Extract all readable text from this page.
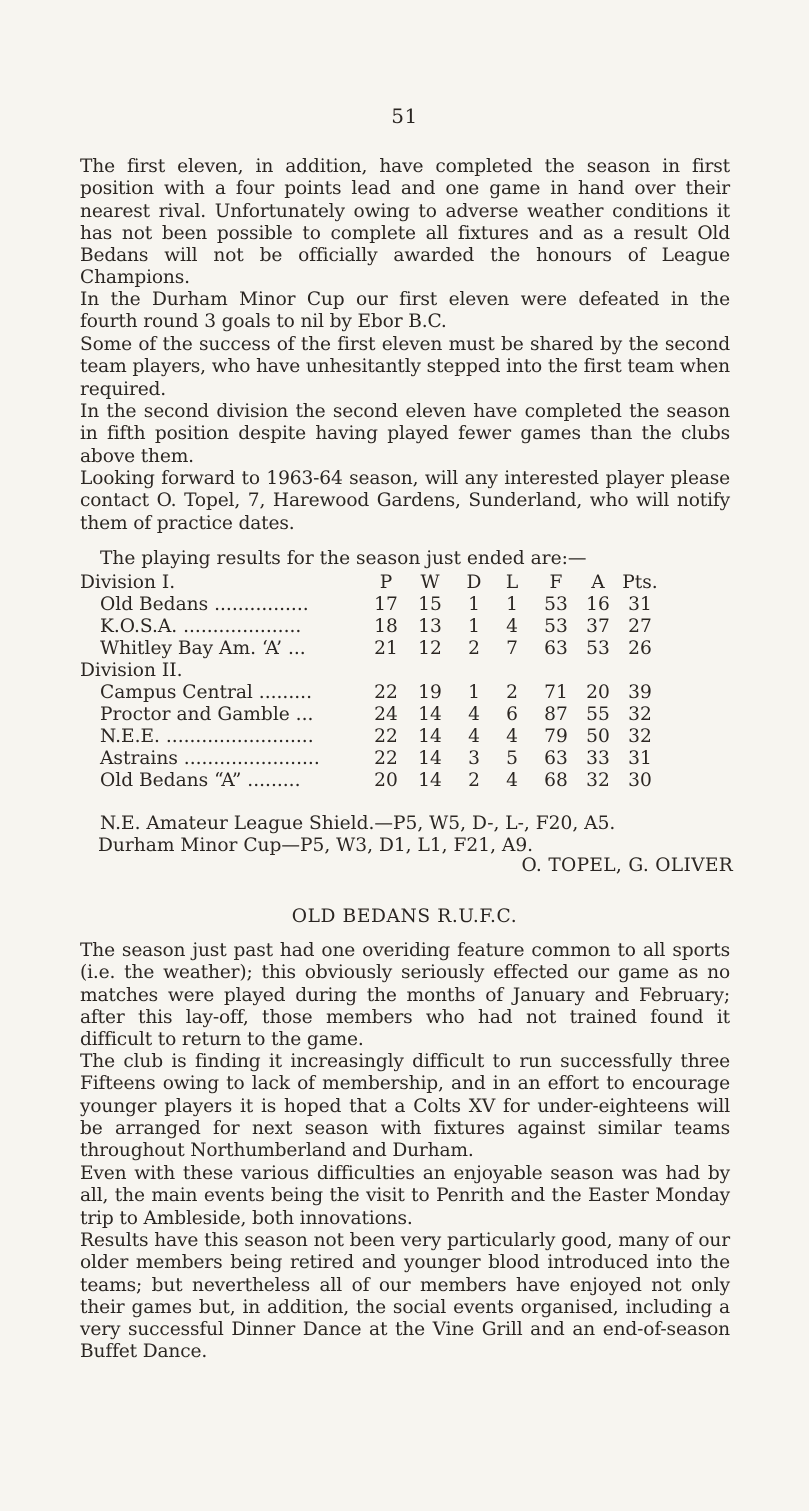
51

The first eleven, in addition, have completed the season in first position with a four points lead and one game in hand over their nearest rival. Unfortunately owing to adverse weather conditions it has not been possible to complete all fixtures and as a result Old Bedans will not be officially awarded the honours of League Champions.

In the Durham Minor Cup our first eleven were defeated in the fourth round 3 goals to nil by Ebor B.C.

Some of the success of the first eleven must be shared by the second team players, who have unhesitantly stepped into the first team when required.

In the second division the second eleven have completed the season in fifth position despite having played fewer games than the clubs above them.

Looking forward to 1963-64 season, will any interested player please contact O. Topel, 7, Harewood Gardens, Sunderland, who will notify them of practice dates.

The playing results for the season just ended are:—

Division I.	P	W	D	L	F	A Pts.
Old Bedans ................	17	15	1	1	53 16 31
K.O.S.A. ....................	18	13	1	4	53 37 27
Whitley Bay Am. ‘A’ ...	21	12	2	7	63 53 26
Division II.
Campus Central .........	22	19	1	2	71 20 39
Proctor and Gamble ...	24	14	4	6	87 55 32
N.E.E. .........................	22	14	4	4	79 50 32
Astrains .......................	22	14	3	5	63 33 31
Old Bedans “A” .........	20	14	2	4	68 32 30

N.E. Amateur League Shield.—P5, W5, D-, L-, F20, A5.
Durham Minor Cup—P5, W3, D1, L1, F21, A9.

O. TOPEL, G. OLIVER
OLD BEDANS R.U.F.C.

The season just past had one overiding feature common to all sports (i.e. the weather); this obviously seriously effected our game as no matches were played during the months of January and February; after this lay-off, those members who had not trained found it difficult to return to the game.

The club is finding it increasingly difficult to run successfully three Fifteens owing to lack of membership, and in an effort to encourage younger players it is hoped that a Colts XV for under-eighteens will be arranged for next season with fixtures against similar teams throughout Northumberland and Durham.

Even with these various difficulties an enjoyable season was had by all, the main events being the visit to Penrith and the Easter Monday trip to Ambleside, both innovations.

Results have this season not been very particularly good, many of our older members being retired and younger blood introduced into the teams; but nevertheless all of our members have enjoyed not only their games but, in addition, the social events organised, including a very successful Dinner Dance at the Vine Grill and an end-of-season Buffet Dance.
